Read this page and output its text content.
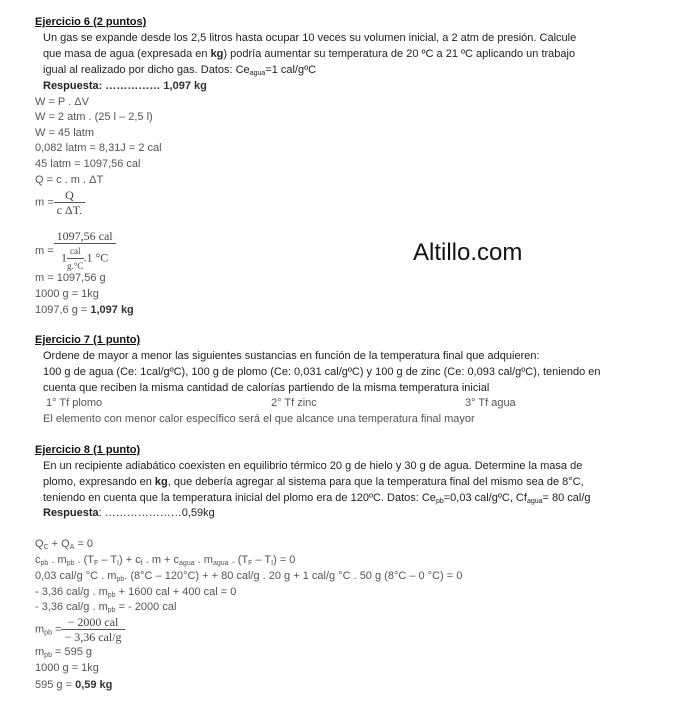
Altillo.com
Ejercicio 6 (2 puntos)
Un gas se expande desde los 2,5 litros hasta ocupar 10 veces su volumen inicial, a 2 atm de presión. Calcule
que masa de agua (expresada en kg) podría aumentar su temperatura de 20 ºC a 21 ºC aplicando un trabajo
igual al realizado por dicho gas. Datos: $Ce_{agua}=1$ cal/gºC
Respuesta: …………… 1,097 kg
W = P . ΔV
W = 2 atm . (25 l – 2,5 l)
W = 45 latm
0,082 latm = 8,31J = 2 cal
45 latm = 1097,56 cal
Q = c . m . ΔT
$m = \frac{Q}{\text{c ΔT.}}$
m = 1097,56 cal
1 cal
g.°C.1 °C
m = 1097,56 g
1000 g = 1kg
1097,6 g = 1,097 kg
Ejercicio 7 (1 punto)
Ordene de mayor a menor las siguientes sustancias en función de la temperatura final que adquieren:
100 g de agua (Ce: 1cal/gºC), 100 g de plomo (Ce: 0,031 cal/gºC) y 100 g de zinc (Ce: 0,093 cal/gºC), teniendo en
cuenta que reciben la misma cantidad de calorías partiendo de la misma temperatura inicial
1° Tf plomo	2° Tf zinc	3° Tf agua
El elemento con menor calor específico será el que alcance una temperatura final mayor
Ejercicio 8 (1 punto)
En un recipiente adiabático coexisten en equilibrio térmico 20 g de hielo y 30 g de agua. Determine la masa de
plomo, expresando en kg, que debería agregar al sistema para que la temperatura final del mismo sea de 8°C,
teniendo en cuenta que la temperatura inicial del plomo era de 120ºC. Datos: $Ce_{pb}=0,03$ cal/gºC, $Cf_{agua}= 80$ cal/g
Respuesta: …………………0,59kg
$Q_C + Q_A = 0$
$c_{pb}$ . $m_{pb}$ . $(T_F - T_I) + c_f$ . $m + c_{agua}$ . $m_{agua}$ . $(T_F - T_I) = 0$
0,03 cal/g °C . $m_{pb}$. (8°C – 120°C) + + 80 cal/g . 20 g + 1 cal/g °C . 50 g (8°C – 0 °C) = 0
- 3,36 cal/g . $m_{pb} + 1600$ cal + 400 cal = 0
- 3,36 cal/g . $m_{pb}$ = - 2000 cal
$m_{pb} = \frac{\text{− 2000 cal}}{\text{− 3,36 cal/g}}$
$m_{pb} = 595$ g
1000 g = 1kg
595 g = 0,59 kg
